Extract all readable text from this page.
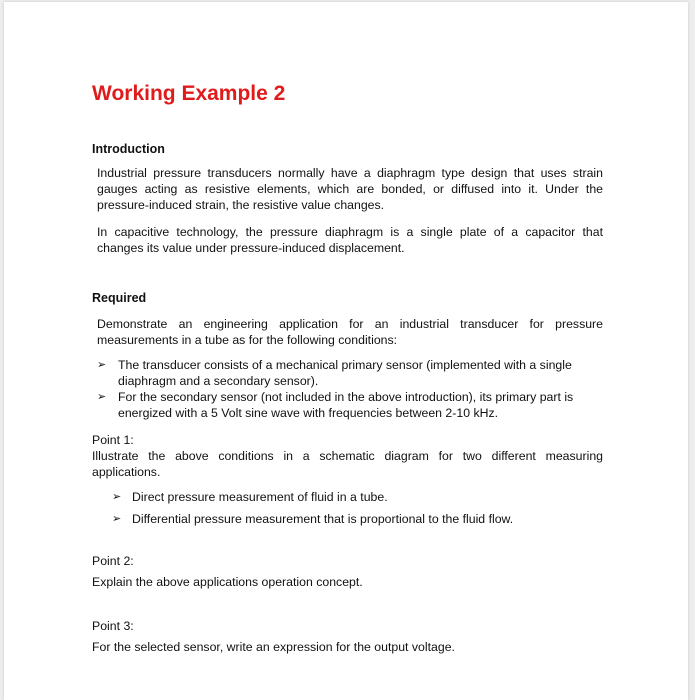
Working Example 2
Introduction

Industrial pressure transducers normally have a diaphragm type design that uses strain gauges acting as resistive elements, which are bonded, or diffused into it. Under the pressure-induced strain, the resistive value changes.

In capacitive technology, the pressure diaphragm is a single plate of a capacitor that changes its value under pressure-induced displacement.

Required

Demonstrate an engineering application for an industrial transducer for pressure measurements in a tube as for the following conditions:

➢ The transducer consists of a mechanical primary sensor (implemented with a single diaphragm and a secondary sensor).
➢ For the secondary sensor (not included in the above introduction), its primary part is energized with a 5 Volt sine wave with frequencies between 2-10 kHz.

Point 1:

Illustrate the above conditions in a schematic diagram for two different measuring applications.

➢ Direct pressure measurement of fluid in a tube.
➢ Differential pressure measurement that is proportional to the fluid flow.

Point 2:

Explain the above applications operation concept.

Point 3:

For the selected sensor, write an expression for the output voltage.
